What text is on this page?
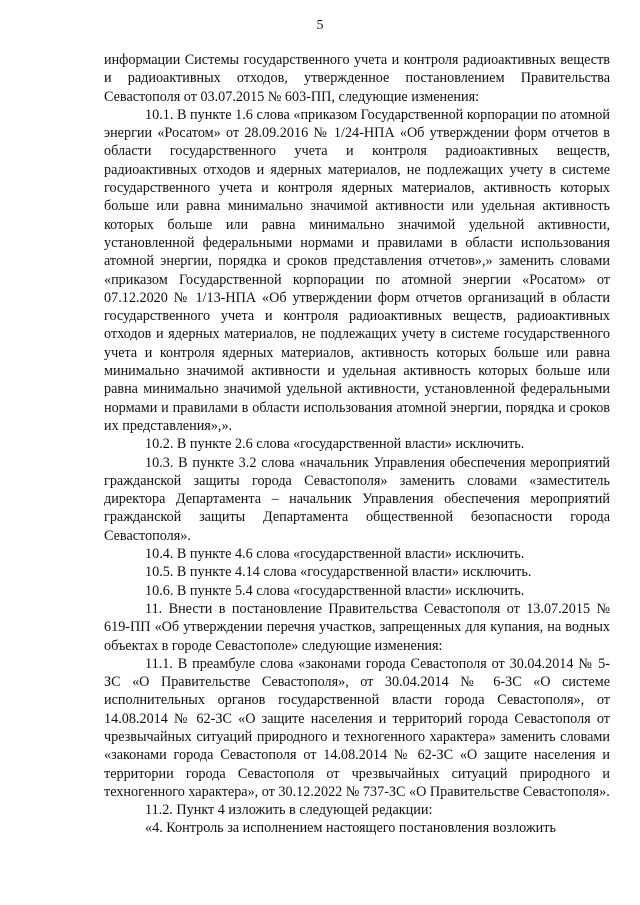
5

информации Системы государственного учета и контроля радиоактивных веществ и радиоактивных отходов, утвержденное постановлением Правительства Севастополя от 03.07.2015 № 603-ПП, следующие изменения:

10.1. В пункте 1.6 слова «приказом Государственной корпорации по атомной энергии «Росатом» от 28.09.2016 № 1/24-НПА «Об утверждении форм отчетов в области государственного учета и контроля радиоактивных веществ, радиоактивных отходов и ядерных материалов, не подлежащих учету в системе государственного учета и контроля ядерных материалов, активность которых больше или равна минимально значимой активности или удельная активность которых больше или равна минимально значимой удельной активности, установленной федеральными нормами и правилами в области использования атомной энергии, порядка и сроков представления отчетов»,» заменить словами «приказом Государственной корпорации по атомной энергии «Росатом» от 07.12.2020 № 1/13-НПА «Об утверждении форм отчетов организаций в области государственного учета и контроля радиоактивных веществ, радиоактивных отходов и ядерных материалов, не подлежащих учету в системе государственного учета и контроля ядерных материалов, активность которых больше или равна минимально значимой активности и удельная активность которых больше или равна минимально значимой удельной активности, установленной федеральными нормами и правилами в области использования атомной энергии, порядка и сроков их представления»,».

10.2. В пункте 2.6 слова «государственной власти» исключить.

10.3. В пункте 3.2 слова «начальник Управления обеспечения мероприятий гражданской защиты города Севастополя» заменить словами «заместитель директора Департамента – начальник Управления обеспечения мероприятий гражданской защиты Департамента общественной безопасности города Севастополя».

10.4. В пункте 4.6 слова «государственной власти» исключить.

10.5. В пункте 4.14 слова «государственной власти» исключить.

10.6. В пункте 5.4 слова «государственной власти» исключить.

11. Внести в постановление Правительства Севастополя от 13.07.2015 № 619-ПП «Об утверждении перечня участков, запрещенных для купания, на водных объектах в городе Севастополе» следующие изменения:

11.1. В преамбуле слова «законами города Севастополя от 30.04.2014 № 5-ЗС «О Правительстве Севастополя», от 30.04.2014 № 6-ЗС «О системе исполнительных органов государственной власти города Севастополя», от 14.08.2014 № 62-ЗС «О защите населения и территорий города Севастополя от чрезвычайных ситуаций природного и техногенного характера» заменить словами «законами города Севастополя от 14.08.2014 № 62-ЗС «О защите населения и территории города Севастополя от чрезвычайных ситуаций природного и техногенного характера», от 30.12.2022 № 737-ЗС «О Правительстве Севастополя».

11.2. Пункт 4 изложить в следующей редакции:

«4. Контроль за исполнением настоящего постановления возложить
